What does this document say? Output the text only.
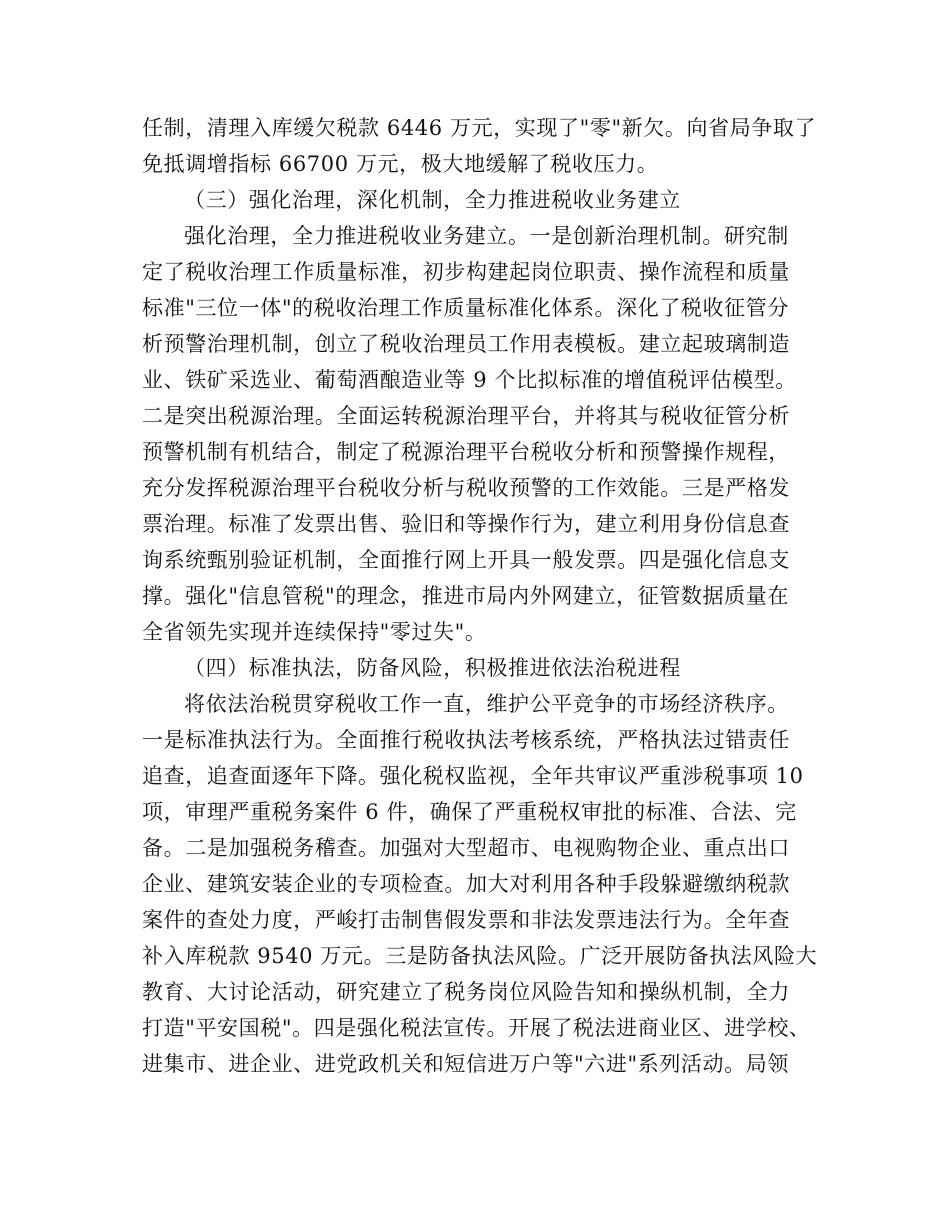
任制，清理入库缓欠税款 6446 万元，实现了"零"新欠。向省局争取了
免抵调增指标 66700 万元，极大地缓解了税收压力。
（三）强化治理，深化机制，全力推进税收业务建立
强化治理，全力推进税收业务建立。一是创新治理机制。研究制
定了税收治理工作质量标准，初步构建起岗位职责、操作流程和质量
标准"三位一体"的税收治理工作质量标准化体系。深化了税收征管分
析预警治理机制，创立了税收治理员工作用表模板。建立起玻璃制造
业、铁矿采选业、葡萄酒酿造业等 9 个比拟标准的增值税评估模型。
二是突出税源治理。全面运转税源治理平台，并将其与税收征管分析
预警机制有机结合，制定了税源治理平台税收分析和预警操作规程，
充分发挥税源治理平台税收分析与税收预警的工作效能。三是严格发
票治理。标准了发票出售、验旧和等操作行为，建立利用身份信息查
询系统甄别验证机制，全面推行网上开具一般发票。四是强化信息支
撑。强化"信息管税"的理念，推进市局内外网建立，征管数据质量在
全省领先实现并连续保持"零过失"。
（四）标准执法，防备风险，积极推进依法治税进程
将依法治税贯穿税收工作一直，维护公平竞争的市场经济秩序。
一是标准执法行为。全面推行税收执法考核系统，严格执法过错责任
追查，追查面逐年下降。强化税权监视，全年共审议严重涉税事项 10
项，审理严重税务案件 6 件，确保了严重税权审批的标准、合法、完
备。二是加强税务稽查。加强对大型超市、电视购物企业、重点出口
企业、建筑安装企业的专项检查。加大对利用各种手段躲避缴纳税款
案件的查处力度，严峻打击制售假发票和非法发票违法行为。全年查
补入库税款 9540 万元。三是防备执法风险。广泛开展防备执法风险大
教育、大讨论活动，研究建立了税务岗位风险告知和操纵机制，全力
打造"平安国税"。四是强化税法宣传。开展了税法进商业区、进学校、
进集市、进企业、进党政机关和短信进万户等"六进"系列活动。局领
